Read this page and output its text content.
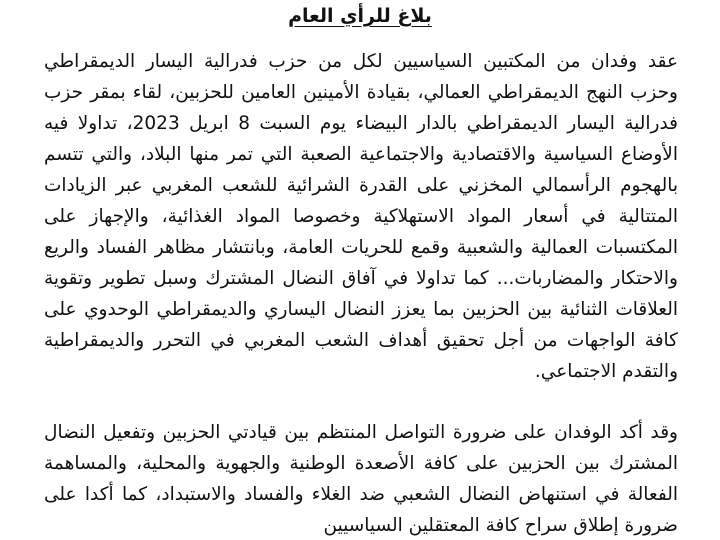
بلاغ للرأي العام

عقد وفدان من المكتبين السياسيين لكل من حزب فدرالية اليسار الديمقراطي وحزب النهج الديمقراطي العمالي، بقيادة الأمينين العامين للحزبين، لقاء بمقر حزب فدرالية اليسار الديمقراطي بالدار البيضاء يوم السبت 8 ابريل 2023، تداولا فيه الأوضاع السياسية والاقتصادية والاجتماعية الصعبة التي تمر منها البلاد، والتي تتسم بالهجوم الرأسمالي المخزني على القدرة الشرائية للشعب المغربي عبر الزيادات المتتالية في أسعار المواد الاستهلاكية وخصوصا المواد الغذائية، والإجهاز على المكتسبات العمالية والشعبية وقمع للحريات العامة، وبانتشار مظاهر الفساد والريع والاحتكار والمضاربات... كما تداولا في آفاق النضال المشترك وسبل تطوير وتقوية العلاقات الثنائية بين الحزبين بما يعزز النضال اليساري والديمقراطي الوحدوي على كافة الواجهات من أجل تحقيق أهداف الشعب المغربي في التحرر والديمقراطية والتقدم الاجتماعي.

وقد أكد الوفدان على ضرورة التواصل المنتظم بين قيادتي الحزبين وتفعيل النضال المشترك بين الحزبين على كافة الأصعدة الوطنية والجهوية والمحلية، والمساهمة الفعالة في استنهاض النضال الشعبي ضد الغلاء والفساد والاستبداد، كما أكدا على ضرورة إطلاق سراح كافة المعتقلين السياسيين
